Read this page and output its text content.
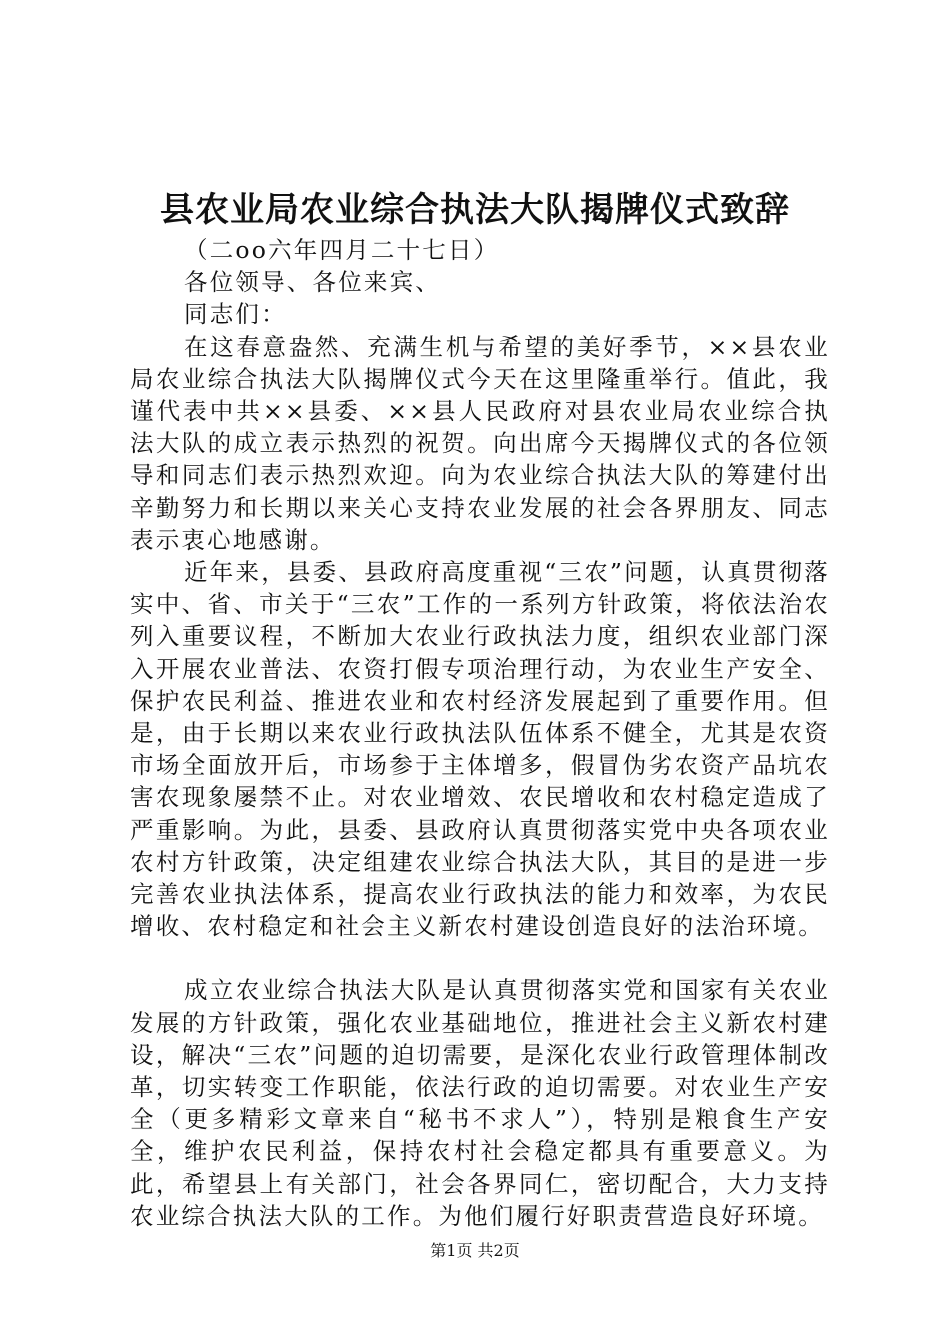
县农业局农业综合执法大队揭牌仪式致辞

（二oo六年四月二十七日）

各位领导、各位来宾、

同志们：

在这春意盎然、充满生机与希望的美好季节，××县农业局农业综合执法大队揭牌仪式今天在这里隆重举行。值此，我谨代表中共××县委、××县人民政府对县农业局农业综合执法大队的成立表示热烈的祝贺。向出席今天揭牌仪式的各位领导和同志们表示热烈欢迎。向为农业综合执法大队的筹建付出辛勤努力和长期以来关心支持农业发展的社会各界朋友、同志表示衷心地感谢。

近年来，县委、县政府高度重视“三农”问题，认真贯彻落实中、省、市关于“三农”工作的一系列方针政策，将依法治农列入重要议程，不断加大农业行政执法力度，组织农业部门深入开展农业普法、农资打假专项治理行动，为农业生产安全、保护农民利益、推进农业和农村经济发展起到了重要作用。但是，由于长期以来农业行政执法队伍体系不健全，尤其是农资市场全面放开后，市场参于主体增多，假冒伪劣农资产品坑农害农现象屡禁不止。对农业增效、农民增收和农村稳定造成了严重影响。为此，县委、县政府认真贯彻落实党中央各项农业农村方针政策，决定组建农业综合执法大队，其目的是进一步完善农业执法体系，提高农业行政执法的能力和效率，为农民增收、农村稳定和社会主义新农村建设创造良好的法治环境。

成立农业综合执法大队是认真贯彻落实党和国家有关农业发展的方针政策，强化农业基础地位，推进社会主义新农村建设，解决“三农”问题的迫切需要，是深化农业行政管理体制改革，切实转变工作职能，依法行政的迫切需要。对农业生产安全（更多精彩文章来自“秘书不求人”），特别是粮食生产安全，维护农民利益，保持农村社会稳定都具有重要意义。为此，希望县上有关部门，社会各界同仁，密切配合，大力支持农业综合执法大队的工作。为他们履行好职责营造良好环境。

第1页 共2页
